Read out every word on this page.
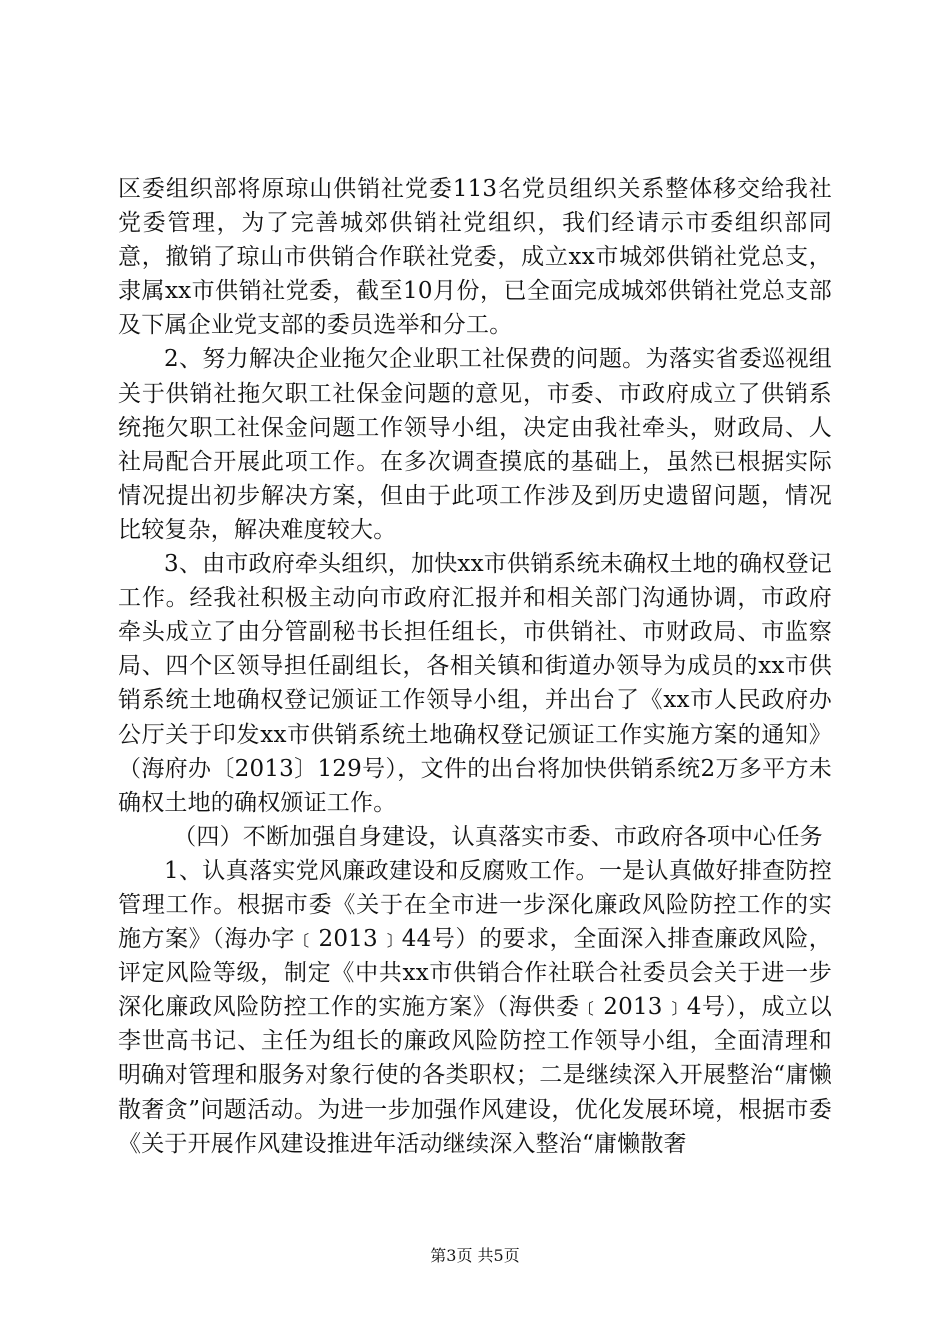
区委组织部将原琼山供销社党委113名党员组织关系整体移交给我社党委管理，为了完善城郊供销社党组织，我们经请示市委组织部同意，撤销了琼山市供销合作联社党委，成立xx市城郊供销社党总支，隶属xx市供销社党委，截至10月份，已全面完成城郊供销社党总支部及下属企业党支部的委员选举和分工。

2、努力解决企业拖欠企业职工社保费的问题。为落实省委巡视组关于供销社拖欠职工社保金问题的意见，市委、市政府成立了供销系统拖欠职工社保金问题工作领导小组，决定由我社牵头，财政局、人社局配合开展此项工作。在多次调查摸底的基础上，虽然已根据实际情况提出初步解决方案，但由于此项工作涉及到历史遗留问题，情况比较复杂，解决难度较大。

3、由市政府牵头组织，加快xx市供销系统未确权土地的确权登记工作。经我社积极主动向市政府汇报并和相关部门沟通协调，市政府牵头成立了由分管副秘书长担任组长，市供销社、市财政局、市监察局、四个区领导担任副组长，各相关镇和街道办领导为成员的xx市供销系统土地确权登记颁证工作领导小组，并出台了《xx市人民政府办公厅关于印发xx市供销系统土地确权登记颁证工作实施方案的通知》（海府办〔2013〕129号），文件的出台将加快供销系统2万多平方未确权土地的确权颁证工作。

（四）不断加强自身建设，认真落实市委、市政府各项中心任务

1、认真落实党风廉政建设和反腐败工作。一是认真做好排查防控管理工作。根据市委《关于在全市进一步深化廉政风险防控工作的实施方案》（海办字﹝2013﹞44号）的要求，全面深入排查廉政风险，评定风险等级，制定《中共xx市供销合作社联合社委员会关于进一步深化廉政风险防控工作的实施方案》（海供委﹝2013﹞4号），成立以李世高书记、主任为组长的廉政风险防控工作领导小组，全面清理和明确对管理和服务对象行使的各类职权；二是继续深入开展整治“庸懒散奢贪”问题活动。为进一步加强作风建设，优化发展环境，根据市委《关于开展作风建设推进年活动继续深入整治“庸懒散奢

第3页 共5页
